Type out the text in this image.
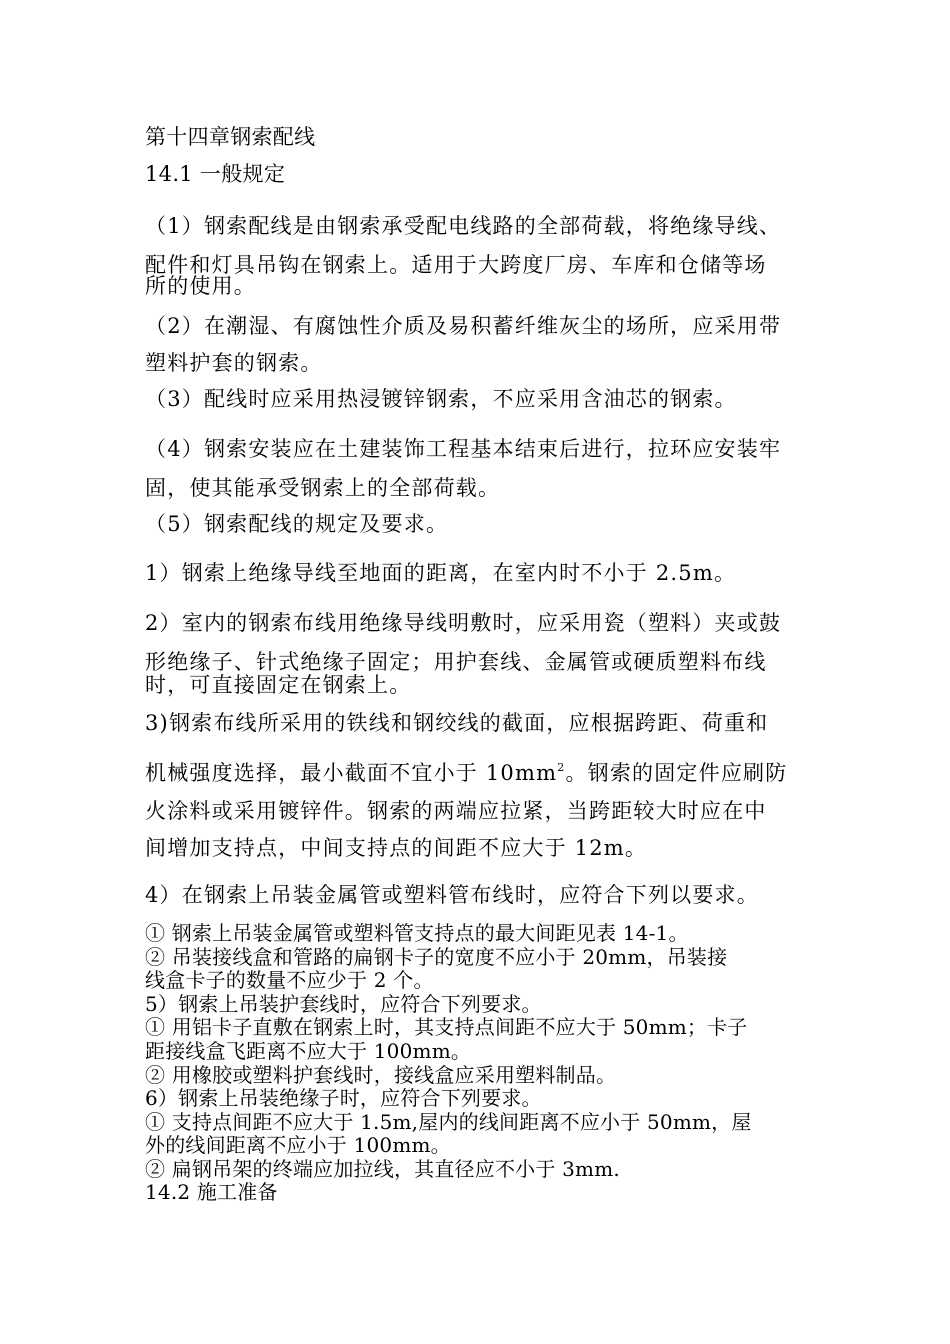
第十四章钢索配线
14.1 一般规定
（1）钢索配线是由钢索承受配电线路的全部荷载，将绝缘导线、
配件和灯具吊钩在钢索上。适用于大跨度厂房、车库和仓储等场
所的使用。
（2）在潮湿、有腐蚀性介质及易积蓄纤维灰尘的场所，应采用带
塑料护套的钢索。
（3）配线时应采用热浸镀锌钢索，不应采用含油芯的钢索。
（4）钢索安装应在土建装饰工程基本结束后进行，拉环应安装牢
固，使其能承受钢索上的全部荷载。
（5）钢索配线的规定及要求。
1）钢索上绝缘导线至地面的距离，在室内时不小于 2.5m。
2）室内的钢索布线用绝缘导线明敷时，应采用瓷（塑料）夹或鼓
形绝缘子、针式绝缘子固定；用护套线、金属管或硬质塑料布线
时，可直接固定在钢索上。
3)钢索布线所采用的铁线和钢绞线的截面，应根据跨距、荷重和
机械强度选择，最小截面不宜小于 $10mm^2$。钢索的固定件应刷防
火涂料或采用镀锌件。钢索的两端应拉紧，当跨距较大时应在中
间增加支持点，中间支持点的间距不应大于 12m。
4）在钢索上吊装金属管或塑料管布线时，应符合下列以要求。
① 钢索上吊装金属管或塑料管支持点的最大间距见表 14-1。
② 吊装接线盒和管路的扁钢卡子的宽度不应小于 20mm，吊装接
线盒卡子的数量不应少于 2 个。
5）钢索上吊装护套线时，应符合下列要求。
① 用铝卡子直敷在钢索上时，其支持点间距不应大于 50mm；卡子
距接线盒飞距离不应大于 100mm。
② 用橡胶或塑料护套线时，接线盒应采用塑料制品。
6）钢索上吊装绝缘子时，应符合下列要求。
① 支持点间距不应大于 1.5m,屋内的线间距离不应小于 50mm，屋
外的线间距离不应小于 100mm。
② 扁钢吊架的终端应加拉线，其直径应不小于 3mm.
14.2 施工准备
